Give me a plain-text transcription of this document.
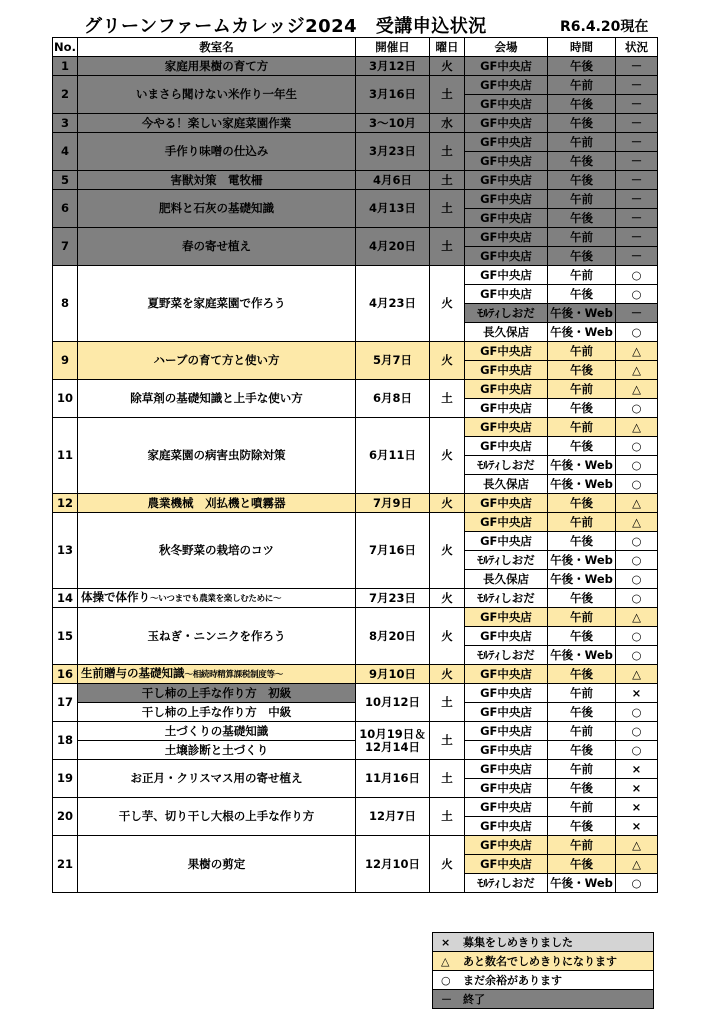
グリーンファームカレッジ2024　受講申込状況	R6.4.20現在
No.	教室名	開催日	曜日	会場	時間	状況
1	家庭用果樹の育て方	3月12日	火	GF中央店	午後	－
2	いまさら聞けない米作り一年生	3月16日	土	GF中央店	午前	－
				GF中央店	午後	－
3	今やる！楽しい家庭菜園作業	3～10月	水	GF中央店	午後	－
4	手作り味噌の仕込み	3月23日	土	GF中央店	午前	－
				GF中央店	午後	－
5	害獣対策　電牧柵	4月6日	土	GF中央店	午後	－
6	肥料と石灰の基礎知識	4月13日	土	GF中央店	午前	－
				GF中央店	午後	－
7	春の寄せ植え	4月20日	土	GF中央店	午前	－
				GF中央店	午後	－
8	夏野菜を家庭菜園で作ろう	4月23日	火	GF中央店	午前	○
				GF中央店	午後	○
				ﾓﾙﾃｨしおだ	午後・Web	－
				長久保店	午後・Web	○
9	ハーブの育て方と使い方	5月7日	火	GF中央店	午前	△
				GF中央店	午後	△
10	除草剤の基礎知識と上手な使い方	6月8日	土	GF中央店	午前	△
				GF中央店	午後	○
11	家庭菜園の病害虫防除対策	6月11日	火	GF中央店	午前	△
				GF中央店	午後	○
				ﾓﾙﾃｨしおだ	午後・Web	○
				長久保店	午後・Web	○
12	農業機械　刈払機と噴霧器	7月9日	火	GF中央店	午後	△
13	秋冬野菜の栽培のコツ	7月16日	火	GF中央店	午前	△
				GF中央店	午後	○
				ﾓﾙﾃｨしおだ	午後・Web	○
				長久保店	午後・Web	○
14	体操で体作り～いつまでも農業を楽しむために～	7月23日	火	ﾓﾙﾃｨしおだ	午後	○
15	玉ねぎ・ニンニクを作ろう	8月20日	火	GF中央店	午前	△
				GF中央店	午後	○
				ﾓﾙﾃｨしおだ	午後・Web	○
16	生前贈与の基礎知識～相続時精算課税制度等～	9月10日	火	GF中央店	午後	△
17	干し柿の上手な作り方　初級	10月12日	土	GF中央店	午前	×
	干し柿の上手な作り方　中級			GF中央店	午後	○
18	土づくりの基礎知識	10月19日＆
12月14日	土	GF中央店	午前	○
	土壌診断と土づくり			GF中央店	午後	○
19	お正月・クリスマス用の寄せ植え	11月16日	土	GF中央店	午前	×
				GF中央店	午後	×
20	干し芋、切り干し大根の上手な作り方	12月7日	土	GF中央店	午前	×
				GF中央店	午後	×
21	果樹の剪定	12月10日	火	GF中央店	午前	△
				GF中央店	午後	△
				ﾓﾙﾃｨしおだ	午後・Web	○
× 募集をしめきりました
△ あと数名でしめきりになります
○ まだ余裕があります
－ 終了
